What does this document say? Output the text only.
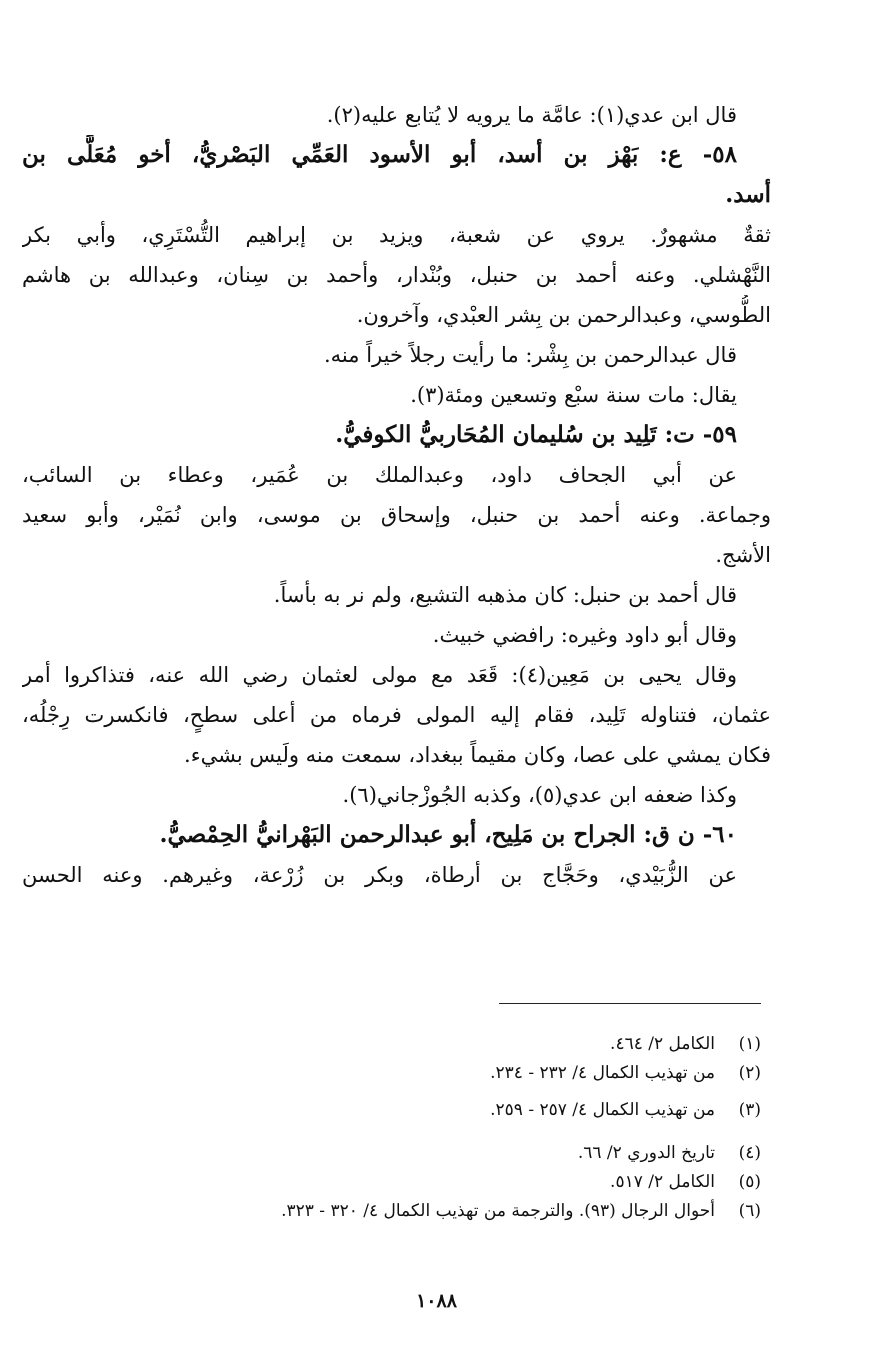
قال ابن عدي(١): عامَّة ما يرويه لا يُتابع عليه(٢).
٥٨- ع: بَهْز بن أسد، أبو الأسود العَمِّي البَصْريُّ، أخو مُعَلَّى بن
أسد.
ثقةٌ مشهورٌ. يروي عن شعبة، ويزيد بن إبراهيم التُّسْتَرِي، وأبي بكر
النَّهْشلي. وعنه أحمد بن حنبل، وبُنْدار، وأحمد بن سِنان، وعبدالله بن هاشم
الطُّوسي، وعبدالرحمن بن بِشر العبْدي، وآخرون.
قال عبدالرحمن بن بِشْر: ما رأيت رجلاً خيراً منه.
يقال: مات سنة سبْع وتسعين ومئة(٣).
٥٩- ت: تَلِيد بن سُليمان المُحَاربيُّ الكوفيُّ.
عن أبي الجحاف داود، وعبدالملك بن عُمَير، وعطاء بن السائب،
وجماعة. وعنه أحمد بن حنبل، وإسحاق بن موسى، وابن نُمَيْر، وأبو سعيد
الأشج.
قال أحمد بن حنبل: كان مذهبه التشيع، ولم نر به بأساً.
وقال أبو داود وغيره: رافضي خبيث.
وقال يحيى بن مَعِين(٤): قَعَد مع مولى لعثمان رضي الله عنه، فتذاكروا أمر
عثمان، فتناوله تَلِيد، فقام إليه المولى فرماه من أعلى سطحٍ، فانكسرت رِجْلُه،
فكان يمشي على عصا، وكان مقيماً ببغداد، سمعت منه ولَيس بشيء.
وكذا ضعفه ابن عدي(٥)، وكذبه الجُوزْجاني(٦).
٦٠- ن ق: الجراح بن مَلِيح، أبو عبدالرحمن البَهْرانيُّ الحِمْصيُّ.
عن الزُّبَيْدي، وحَجَّاج بن أرطاة، وبكر بن زُرْعة، وغيرهم. وعنه الحسن
(١)
الكامل ٢/ ٤٦٤.
(٢)
من تهذيب الكمال ٤/ ٢٣٢ - ٢٣٤.
(٣)
من تهذيب الكمال ٤/ ٢٥٧ - ٢٥٩.
(٤)
تاريخ الدوري ٢/ ٦٦.
(٥)
الكامل ٢/ ٥١٧.
(٦)
أحوال الرجال (٩٣). والترجمة من تهذيب الكمال ٤/ ٣٢٠ - ٣٢٣.
١٠٨٨
